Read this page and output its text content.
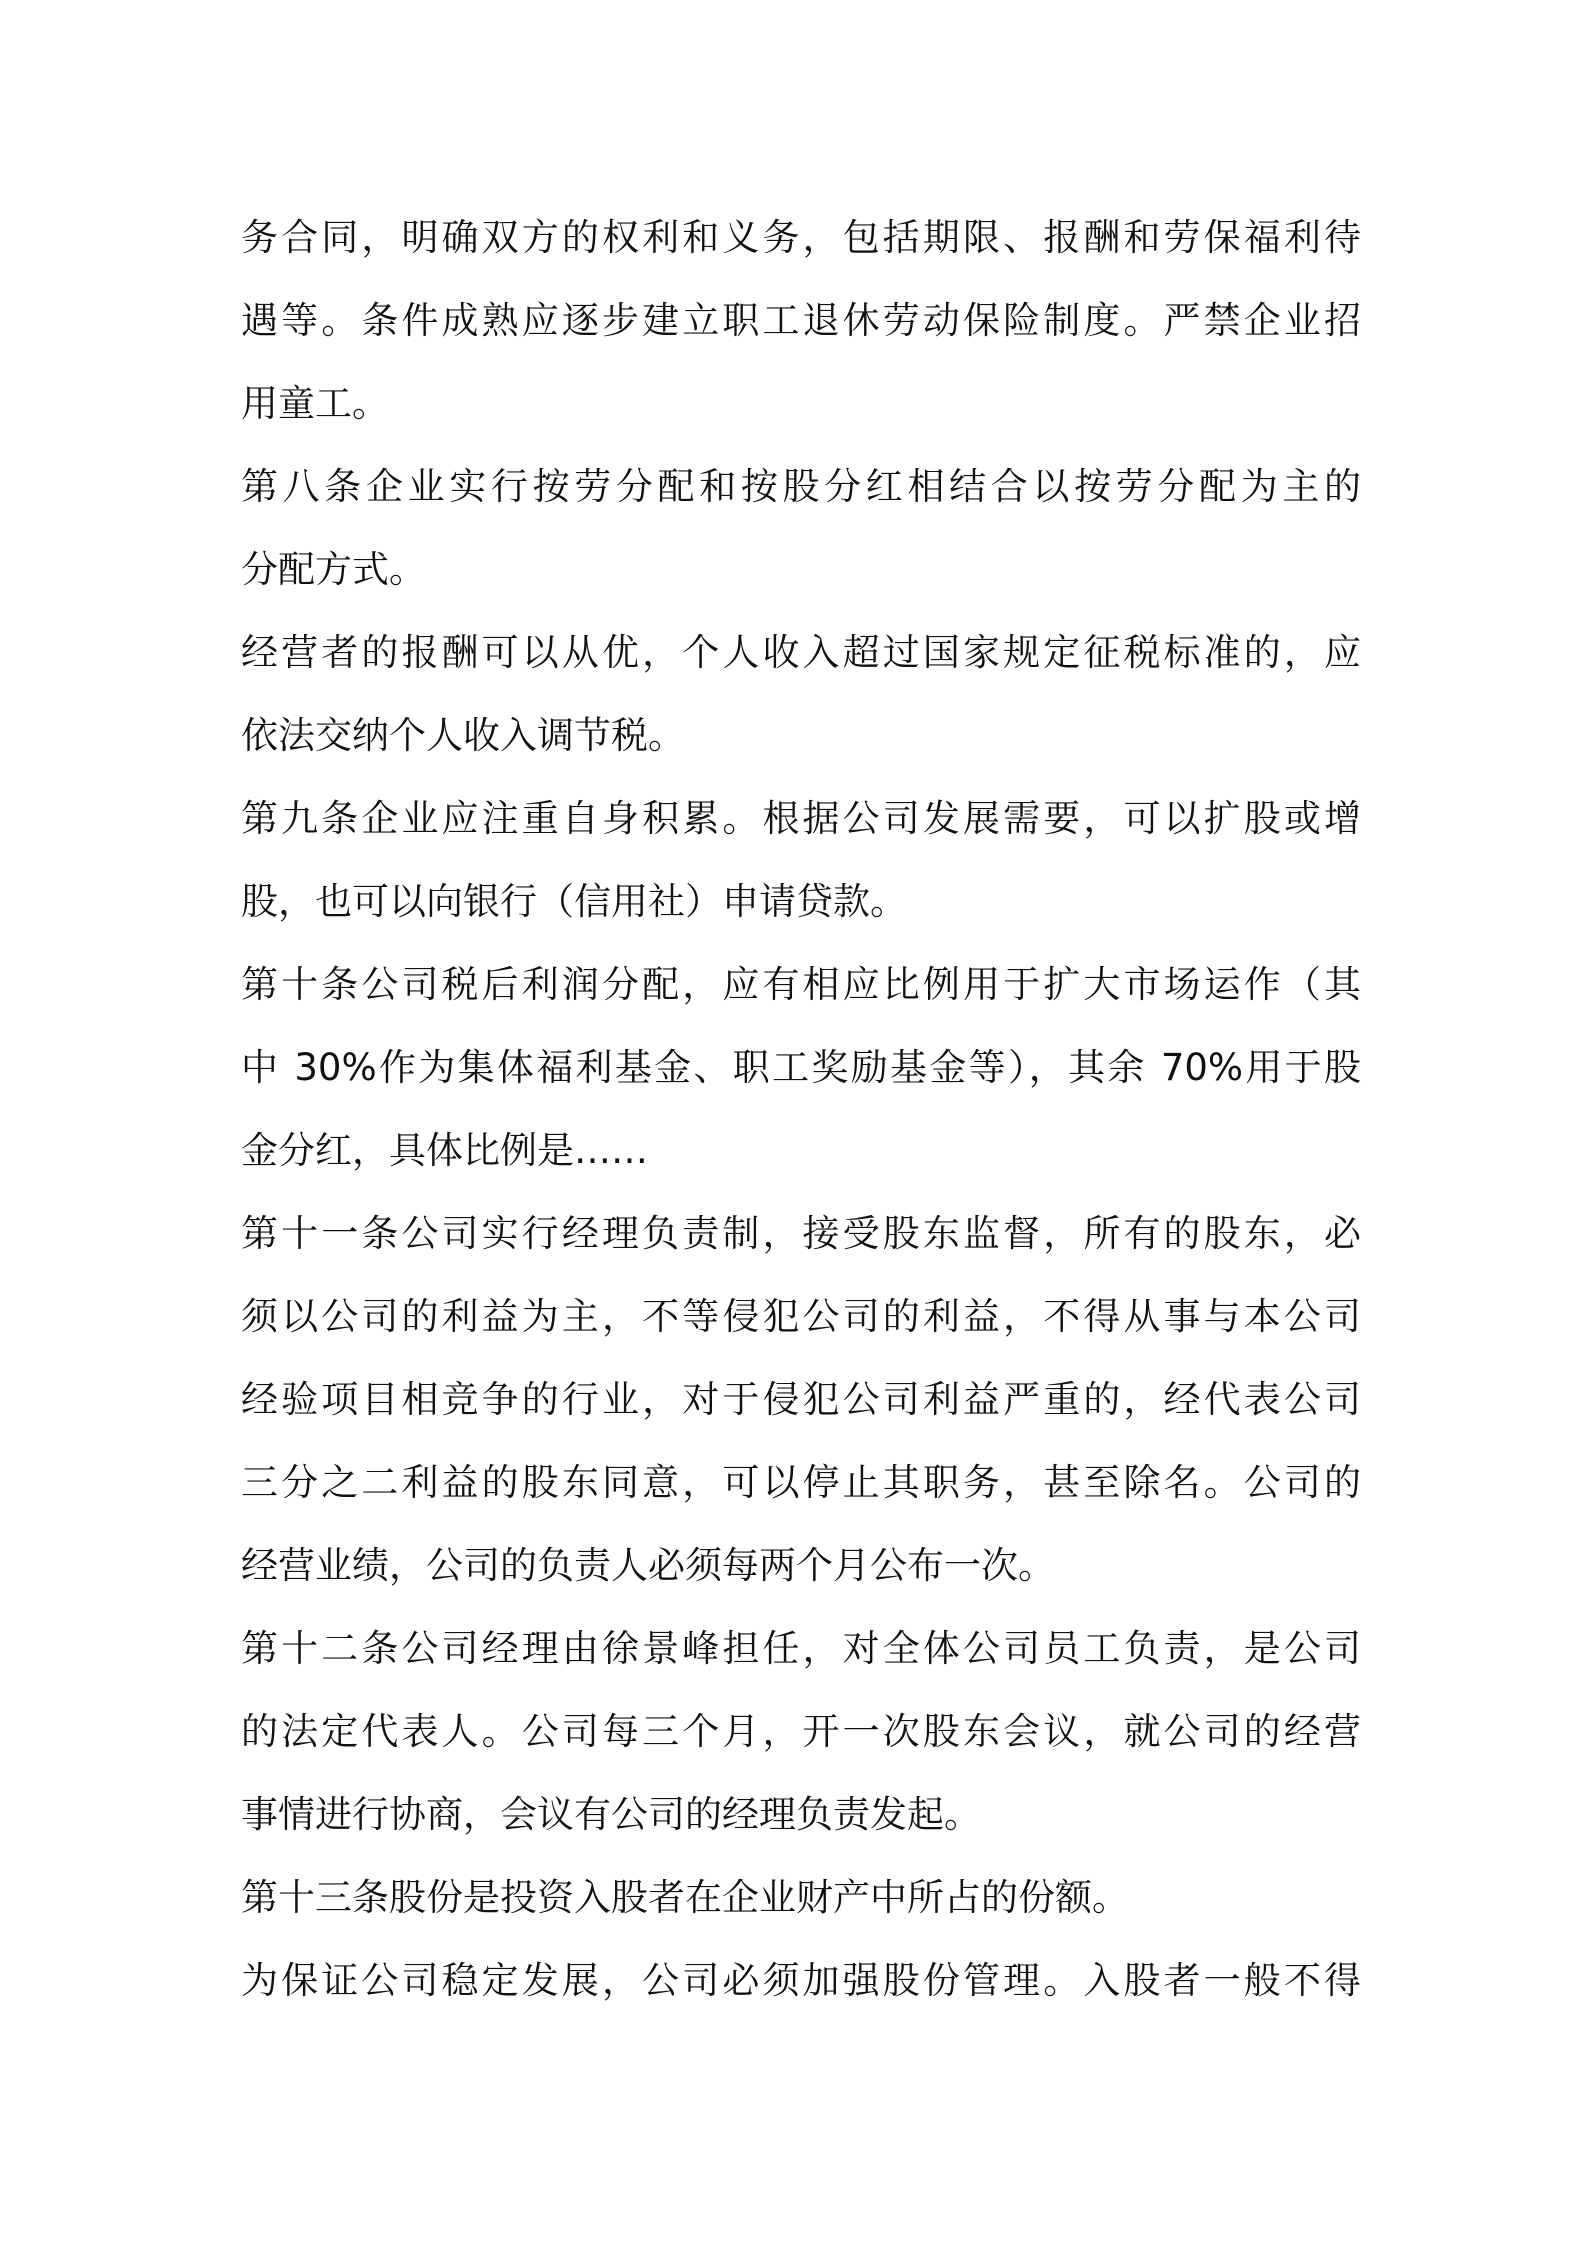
务合同，明确双方的权利和义务，包括期限、报酬和劳保福利待
遇等。条件成熟应逐步建立职工退休劳动保险制度。严禁企业招
用童工。
第八条企业实行按劳分配和按股分红相结合以按劳分配为主的
分配方式。
经营者的报酬可以从优，个人收入超过国家规定征税标准的，应
依法交纳个人收入调节税。
第九条企业应注重自身积累。根据公司发展需要，可以扩股或增
股，也可以向银行（信用社）申请贷款。
第十条公司税后利润分配，应有相应比例用于扩大市场运作（其
中 30%作为集体福利基金、职工奖励基金等），其余 70%用于股
金分红，具体比例是……
第十一条公司实行经理负责制，接受股东监督，所有的股东，必
须以公司的利益为主，不等侵犯公司的利益，不得从事与本公司
经验项目相竞争的行业，对于侵犯公司利益严重的，经代表公司
三分之二利益的股东同意，可以停止其职务，甚至除名。公司的
经营业绩，公司的负责人必须每两个月公布一次。
第十二条公司经理由徐景峰担任，对全体公司员工负责，是公司
的法定代表人。公司每三个月，开一次股东会议，就公司的经营
事情进行协商，会议有公司的经理负责发起。
第十三条股份是投资入股者在企业财产中所占的份额。
为保证公司稳定发展，公司必须加强股份管理。入股者一般不得
